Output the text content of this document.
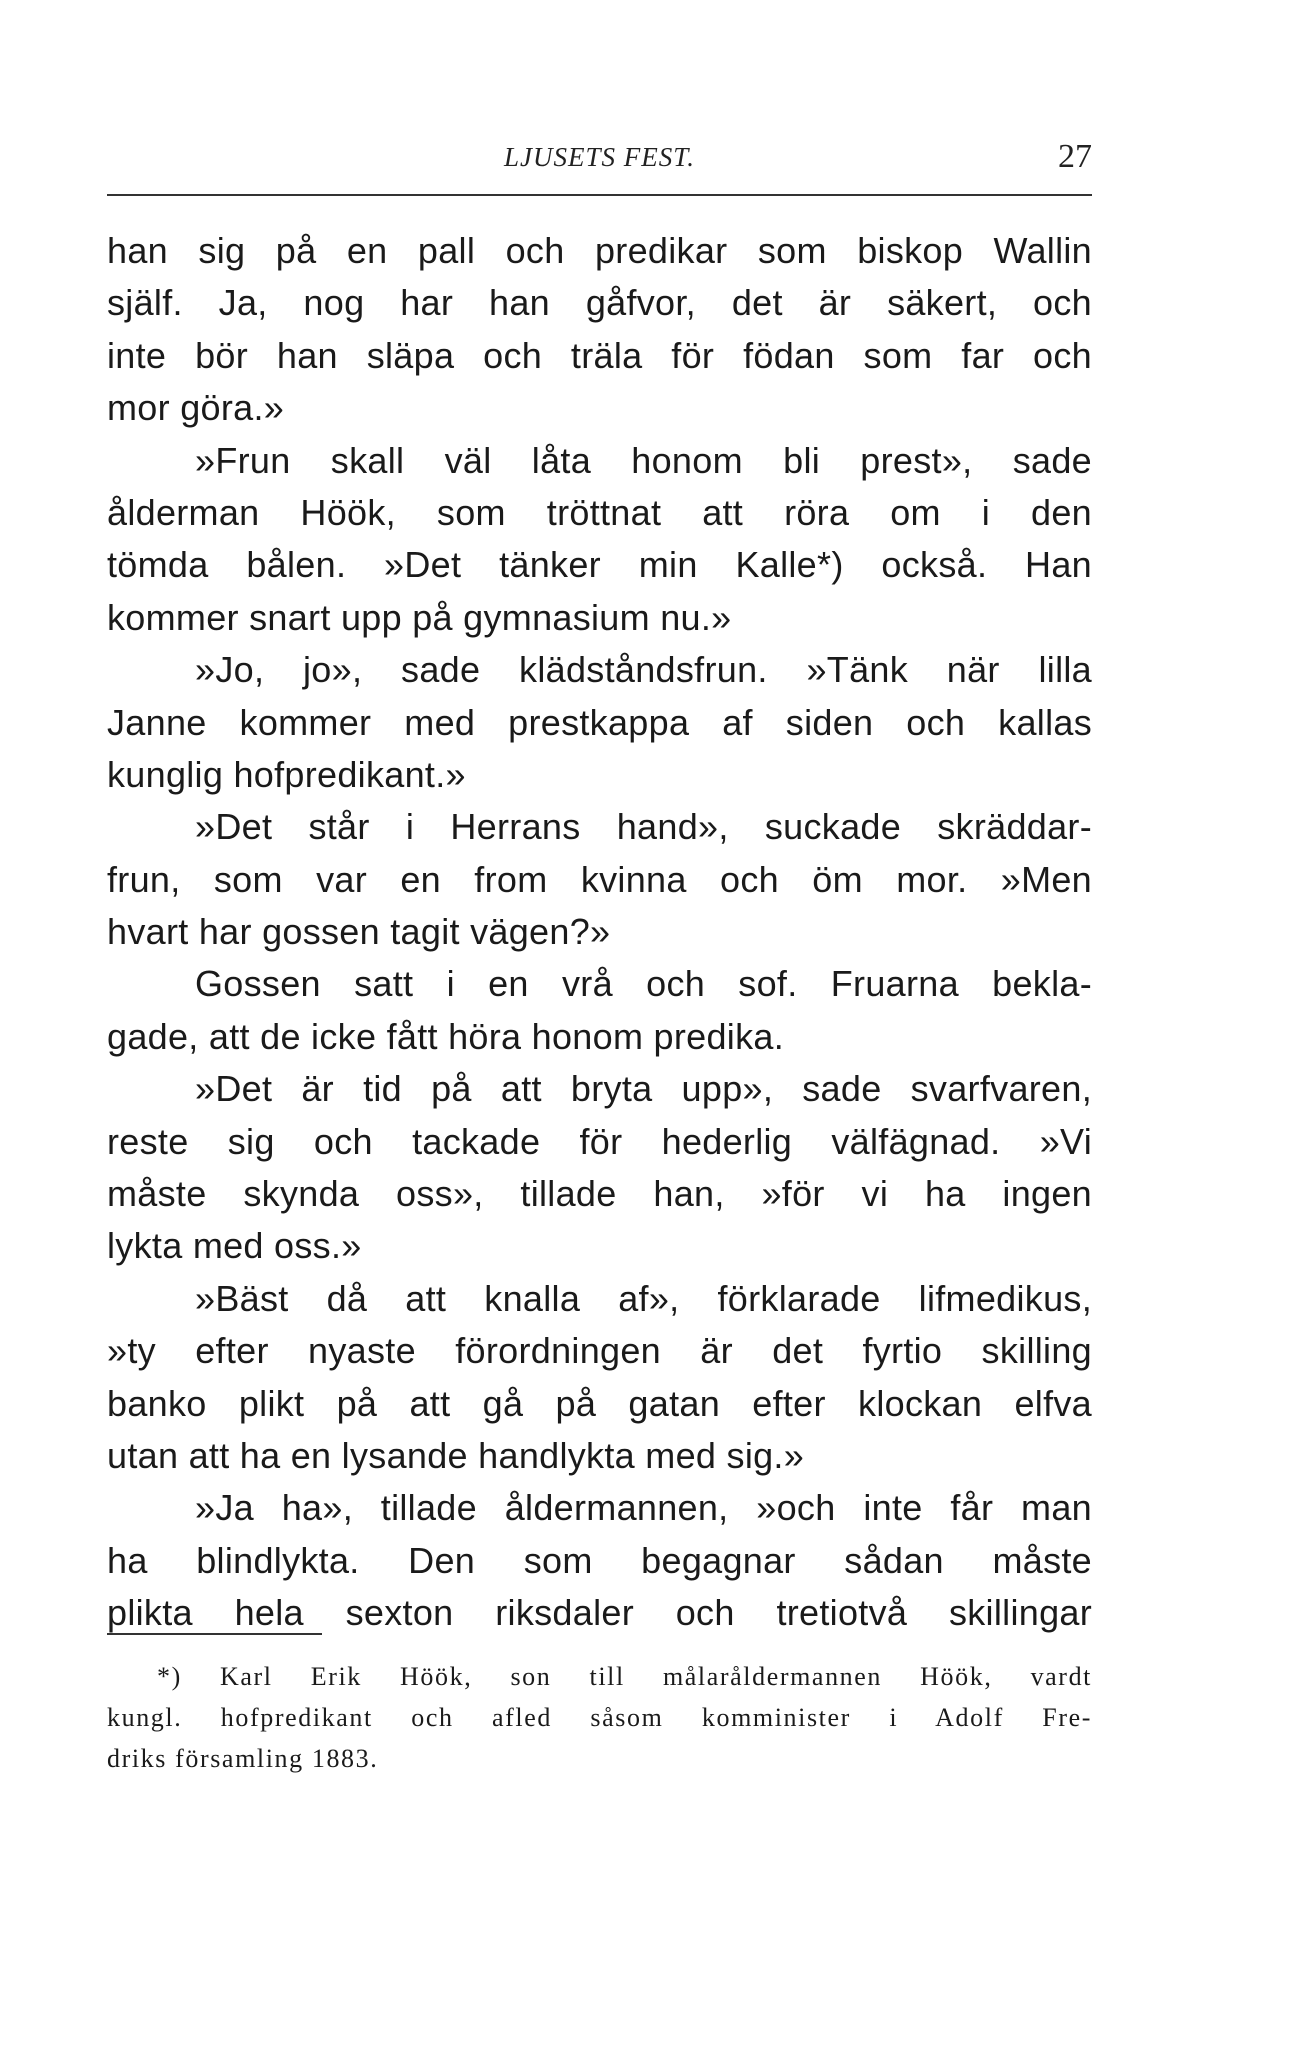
LJUSETS FEST.	27
han sig på en pall och predikar som biskop Wallin
själf. Ja, nog har han gåfvor, det är säkert, och
inte bör han släpa och träla för födan som far och
mor göra.»
»Frun skall väl låta honom bli prest», sade
ålderman Höök, som tröttnat att röra om i den
tömda bålen. »Det tänker min Kalle*) också. Han
kommer snart upp på gymnasium nu.»
»Jo, jo», sade klädståndsfrun. »Tänk när lilla
Janne kommer med prestkappa af siden och kallas
kunglig hofpredikant.»
»Det står i Herrans hand», suckade skräddar-
frun, som var en from kvinna och öm mor. »Men
hvart har gossen tagit vägen?»
Gossen satt i en vrå och sof. Fruarna bekla-
gade, att de icke fått höra honom predika.
»Det är tid på att bryta upp», sade svarfvaren,
reste sig och tackade för hederlig välfägnad. »Vi
måste skynda oss», tillade han, »för vi ha ingen
lykta med oss.»
»Bäst då att knalla af», förklarade lifmedikus,
»ty efter nyaste förordningen är det fyrtio skilling
banko plikt på att gå på gatan efter klockan elfva
utan att ha en lysande handlykta med sig.»
»Ja ha», tillade åldermannen, »och inte får man
ha blindlykta. Den som begagnar sådan måste
plikta hela sexton riksdaler och tretiotvå skillingar
*) Karl Erik Höök, son till målaråldermannen Höök, vardt
kungl. hofpredikant och afled såsom komminister i Adolf Fre-
driks församling 1883.
